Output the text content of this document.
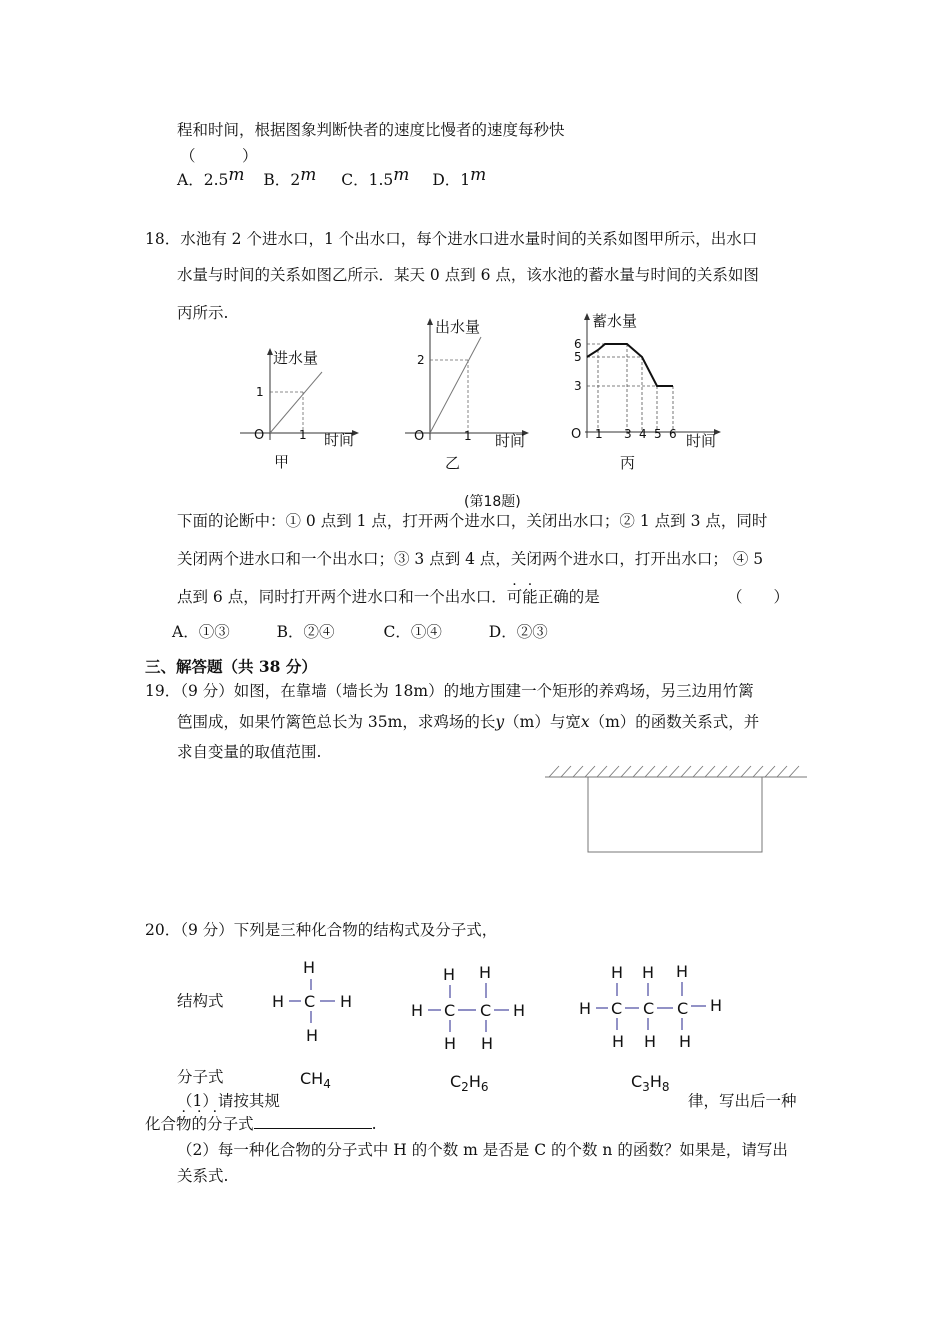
程和时间，根据图象判断快者的速度比慢者的速度每秒快
（　　　）
A．2.5m B．2m C．1.5m D．1m
18．水池有 2 个进水口，1 个出水口，每个进水口进水量时间的关系如图甲所示，出水口
水量与时间的关系如图乙所示．某天 0 点到 6 点，该水池的蓄水量与时间的关系如图
丙所示.
进水量
1
O	1 时间
甲
出水量
2
O	1 时间
乙
蓄水量
6
5
3
O 1 3 4 5 6 时间
丙
(第18题)
下面的论断中：① 0 点到 1 点，打开两个进水口，关闭出水口；② 1 点到 3 点，同时
关闭两个进水口和一个出水口；③ 3 点到 4 点，关闭两个进水口，打开出水口； ④ 5
点到 6 点，同时打开两个进水口和一个出水口．可能正确的是	（　　）
A．①③	B．②④	C．①④	D．②③
三、解答题（共 38 分）
19．（9 分）如图，在靠墙（墙长为 18m）的地方围建一个矩形的养鸡场，另三边用竹篱
笆围成，如果竹篱笆总长为 35m，求鸡场的长y（m）与宽x（m）的函数关系式，并
求自变量的取值范围.
20．（9 分）下列是三种化合物的结构式及分子式，
结构式
H
H C H
H
H H
H C C H
H H
H H H
H C C C H
H H H
分子式	$CH_4$	$C_2H_6$	$C_3H_8$
（1）请按其规	律，写出后一种
化合物的分子式	.
（2）每一种化合物的分子式中 H 的个数 m 是否是 C 的个数 n 的函数？如果是，请写出
关系式.
